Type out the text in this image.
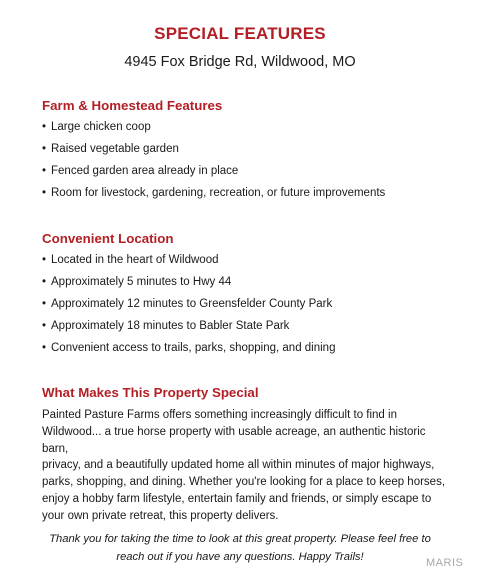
SPECIAL FEATURES
4945 Fox Bridge Rd, Wildwood, MO
Farm & Homestead Features
• Large chicken coop
• Raised vegetable garden
• Fenced garden area already in place
• Room for livestock, gardening, recreation, or future improvements
Convenient Location
• Located in the heart of Wildwood
• Approximately 5 minutes to Hwy 44
• Approximately 12 minutes to Greensfelder County Park
• Approximately 18 minutes to Babler State Park
• Convenient access to trails, parks, shopping, and dining
What Makes This Property Special
Painted Pasture Farms offers something increasingly difficult to find in
Wildwood... a true horse property with usable acreage, an authentic historic barn,
privacy, and a beautifully updated home all within minutes of major highways,
parks, shopping, and dining. Whether you're looking for a place to keep horses,
enjoy a hobby farm lifestyle, entertain family and friends, or simply escape to
your own private retreat, this property delivers.
Thank you for taking the time to look at this great property. Please feel free to
reach out if you have any questions. Happy Trails!	MARIS
